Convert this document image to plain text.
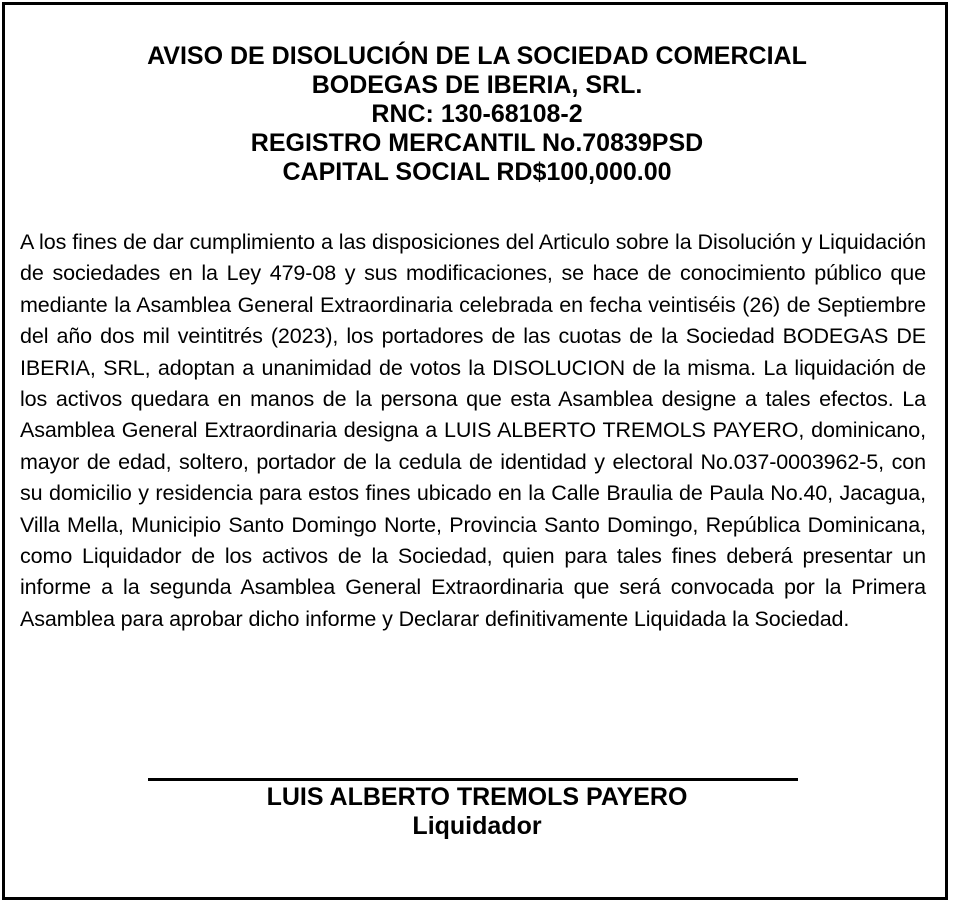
AVISO DE DISOLUCIÓN DE LA SOCIEDAD COMERCIAL
BODEGAS DE IBERIA, SRL.
RNC: 130-68108-2
REGISTRO MERCANTIL No.70839PSD
CAPITAL SOCIAL RD$100,000.00
A los fines de dar cumplimiento a las disposiciones del Articulo sobre la Disolución y Liquidación de sociedades en la Ley 479-08 y sus modificaciones, se hace de conocimiento público que mediante la Asamblea General Extraordinaria celebrada en fecha veintiséis (26) de Septiembre del año dos mil veintitrés (2023), los portadores de las cuotas de la Sociedad BODEGAS DE IBERIA, SRL, adoptan a unanimidad de votos la DISOLUCION de la misma. La liquidación de los activos quedara en manos de la persona que esta Asamblea designe a tales efectos. La Asamblea General Extraordinaria designa a LUIS ALBERTO TREMOLS PAYERO, dominicano, mayor de edad, soltero, portador de la cedula de identidad y electoral No.037-0003962-5, con su domicilio y residencia para estos fines ubicado en la Calle Braulia de Paula No.40, Jacagua, Villa Mella, Municipio Santo Domingo Norte, Provincia Santo Domingo, República Dominicana, como Liquidador de los activos de la Sociedad, quien para tales fines deberá presentar un informe a la segunda Asamblea General Extraordinaria que será convocada por la Primera Asamblea para aprobar dicho informe y Declarar definitivamente Liquidada la Sociedad.
LUIS ALBERTO TREMOLS PAYERO
Liquidador
